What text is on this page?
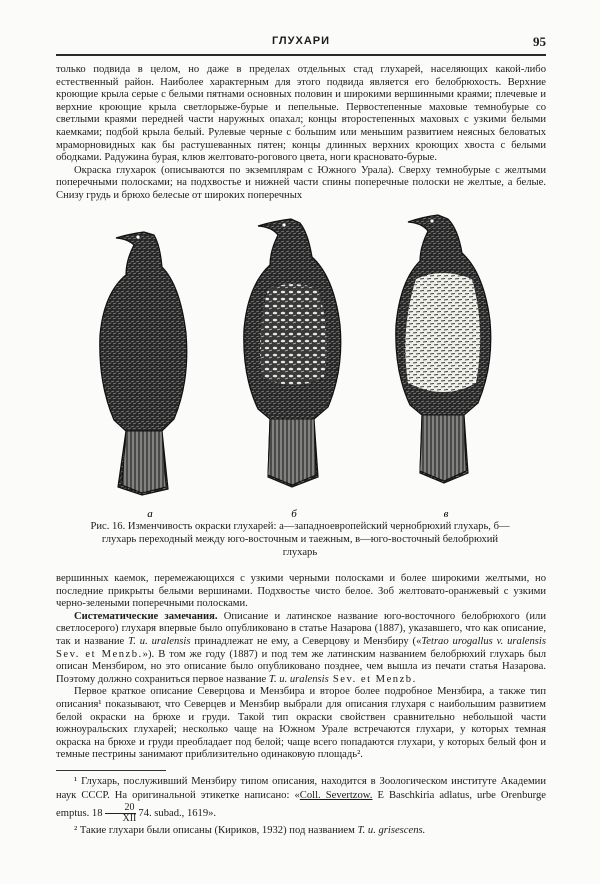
ГЛУХАРИ	95

только подвида в целом, но даже в пределах отдельных стад глухарей, населяющих какой-либо естественный район. Наиболее характерным для этого подвида является его белобрюхость. Верхние кроющие крыла серые с белыми пятнами основных половин и широкими вершинными краями; плечевые и верхние кроющие крыла светлорыже-бурые и пепельные. Первостепенные маховые темнобурые со светлыми краями передней части наружных опахал; концы второстепенных маховых с узкими белыми каемками; подбой крыла белый. Рулевые черные с бо́льшим или меньшим развитием неясных беловатых мраморновидных как бы растушеванных пятен; концы длинных верхних кроющих хвоста с белыми ободками. Радужина бурая, клюв желтовато-рогового цвета, ноги красновато-бурые.

Окраска глухарок (описываются по экземплярам с Южного Урала). Сверху темнобурые с желтыми поперечными полосками; на подхвостье и нижней части спины поперечные полоски не желтые, а белые. Снизу грудь и брюхо белесые от широких поперечных

а	б	в
Рис. 16. Изменчивость окраски глухарей: а—западноевропейский чернобрюхий глухарь, б—глухарь переходный между юго-восточным и таежным, в—юго-восточный белобрюхий глухарь

вершинных каемок, перемежающихся с узкими черными полосками и более широкими желтыми, но последние прикрыты белыми вершинами. Подхвостье чисто белое. Зоб желтовато-оранжевый с узкими черно-зелеными поперечными полосками.

Систематические замечания. Описание и латинское название юго-восточного белобрюхого (или светлосерого) глухаря впервые было опубликовано в статье Назарова (1887), указавшего, что как описание, так и название T. u. uralensis принадлежат не ему, а Северцову и Мензбиру («Tetrao urogallus v. uralensis Sev. et Menzb.»). В том же году (1887) и под тем же латинским названием белобрюхий глухарь был описан Мензбиром, но это описание было опубликовано позднее, чем вышла из печати статья Назарова. Поэтому должно сохраниться первое название T. u. uralensis Sev. et Menzb.

Первое краткое описание Северцова и Мензбира и второе более подробное Мензбира, а также тип описания¹ показывают, что Северцев и Мензбир выбрали для описания глухаря с наибольшим развитием белой окраски на брюхе и груди. Такой тип окраски свойствен сравнительно небольшой части южноуральских глухарей; несколько чаще на Южном Урале встречаются глухари, у которых темная окраска на брюхе и груди преобладает под белой; чаще всего попадаются глухари, у которых белый фон и темные пестрины занимают приблизительно одинаковую площадь².

¹ Глухарь, послуживший Мензбиру типом описания, находится в Зоологическом институте Академии наук СССР. На оригинальной этикетке написано: «Coll. Severtzow. E Baschkiria adlatus, urbe Orenburge emptus. $18 \frac{20}{\text{XII}} 74$. subad., 1619».

² Такие глухари были описаны (Кириков, 1932) под названием T. u. grisescens.
